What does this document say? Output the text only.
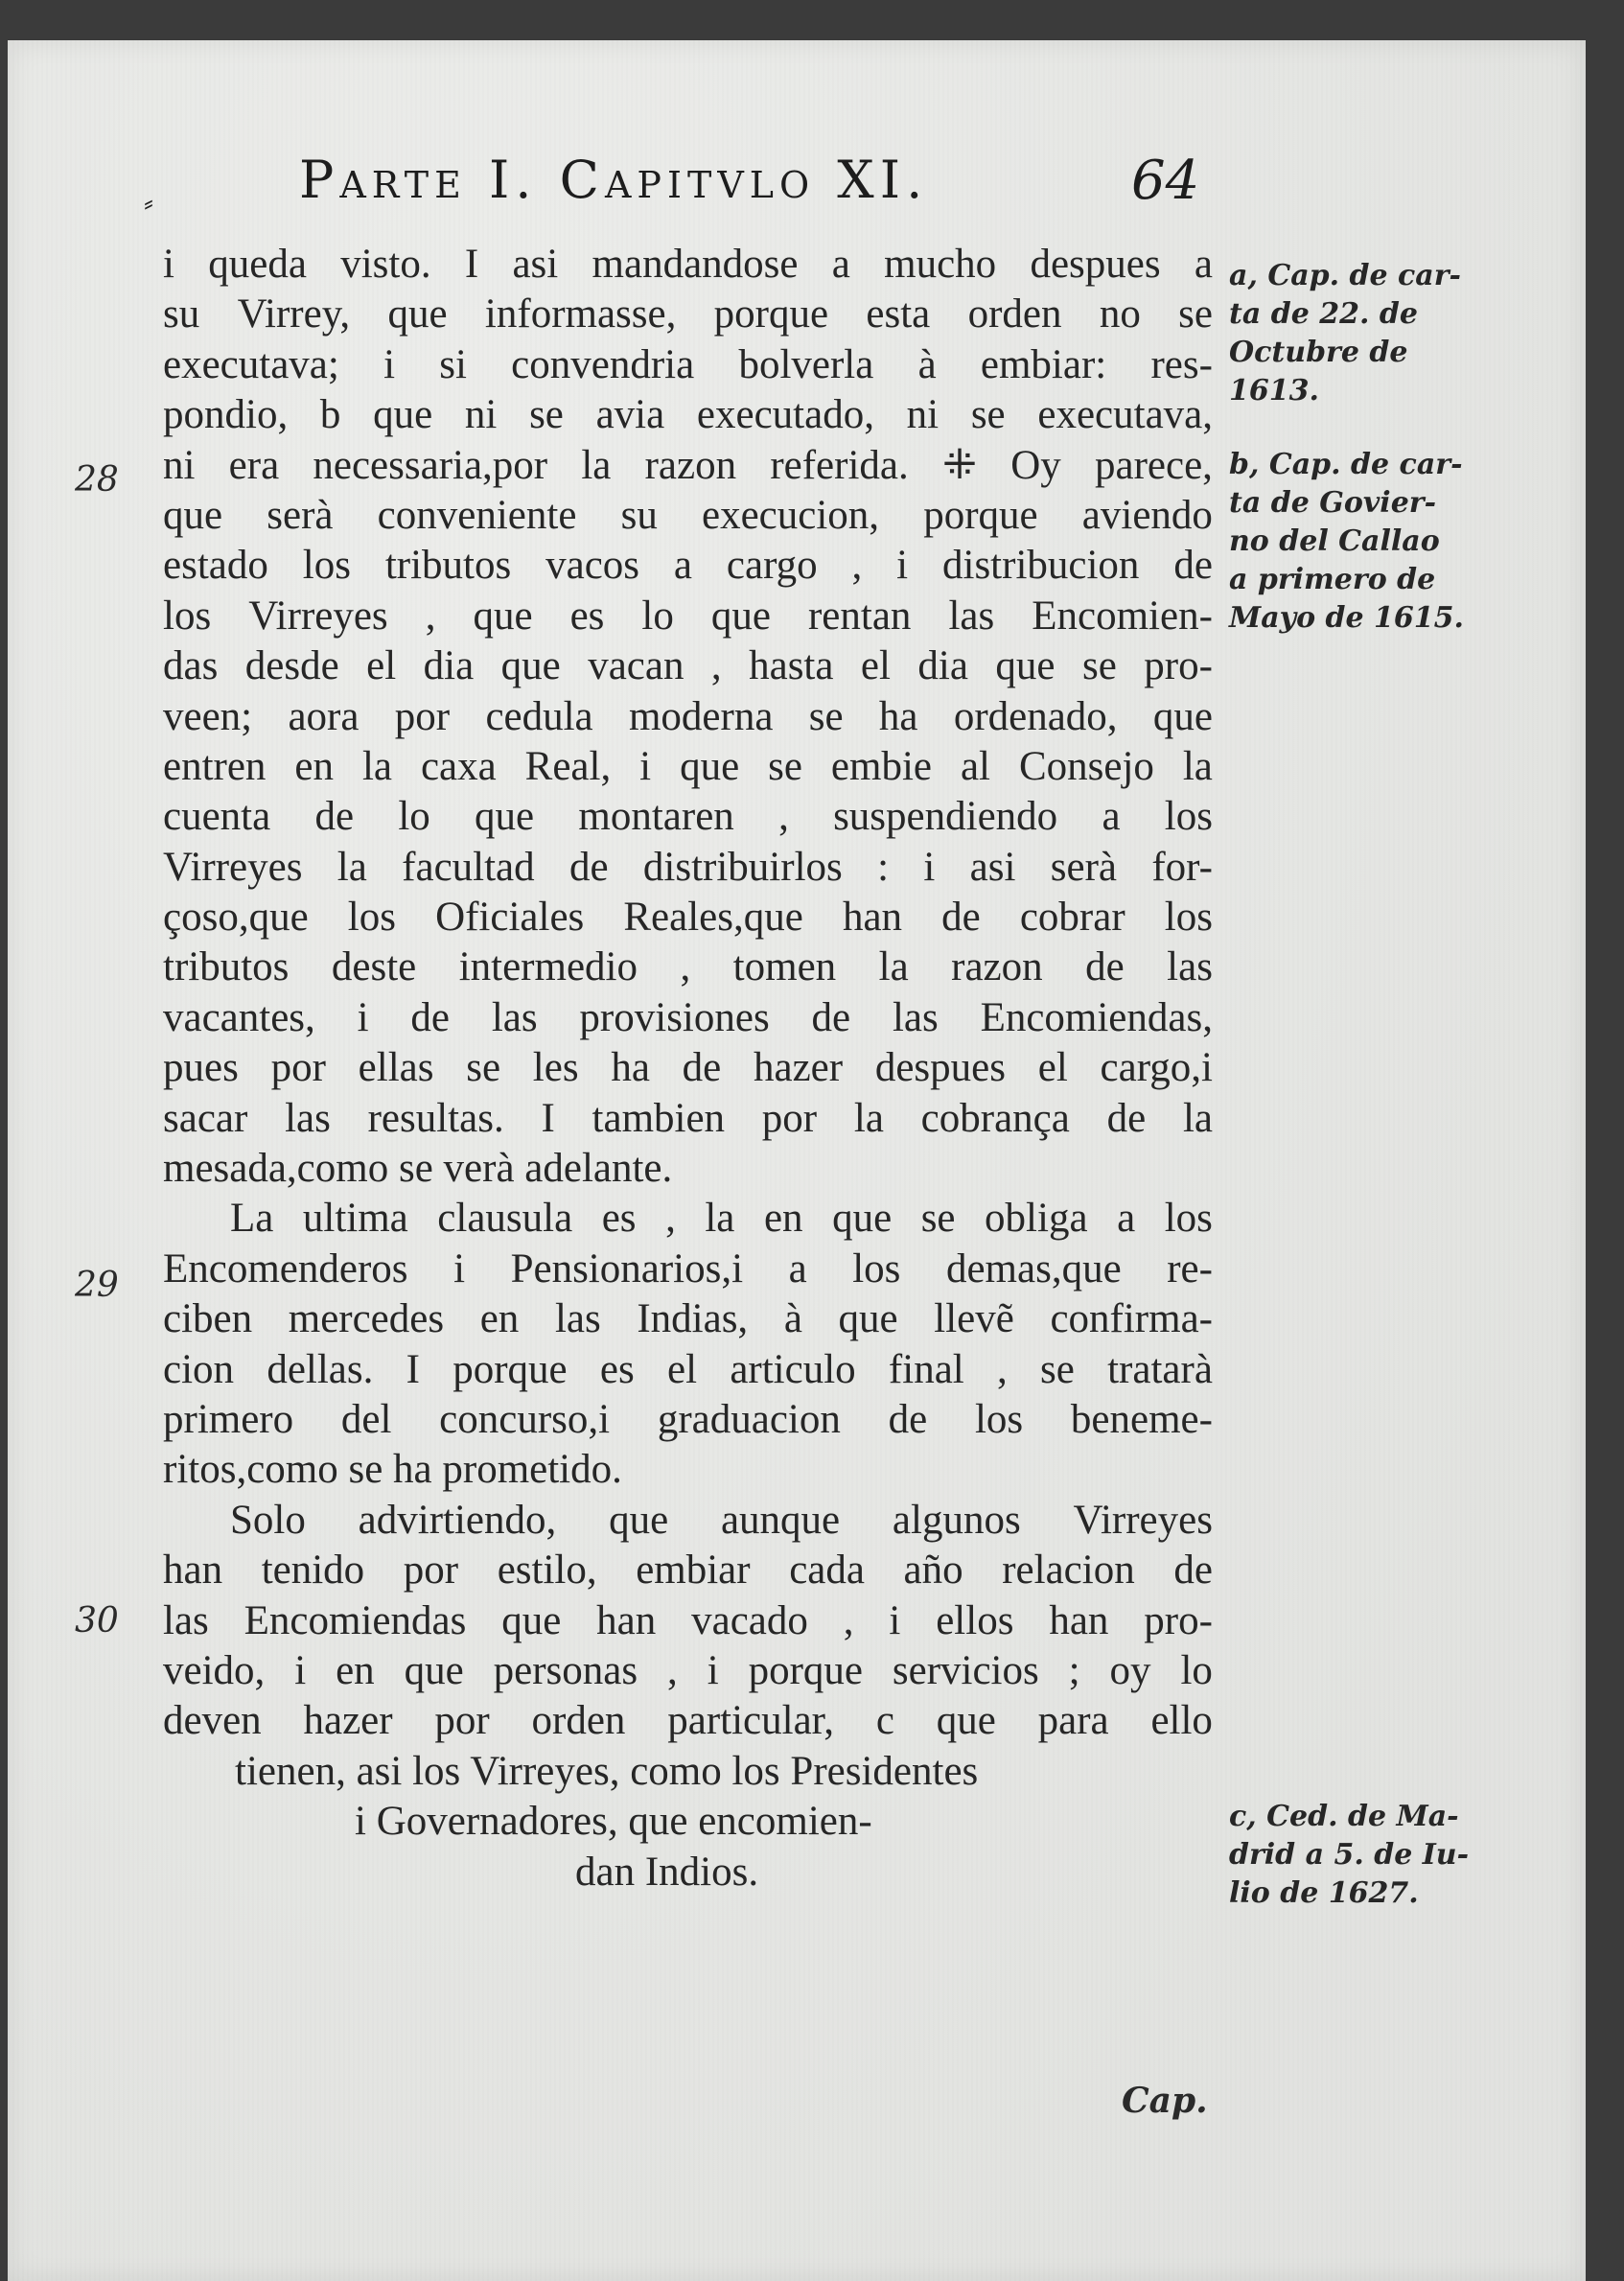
⸗	Parte I. Capitvlo XI.	64
28
29
30
i queda visto. I asi mandandose a mucho despues a
su Virrey, que informasse, porque esta orden no se
executava; i si convendria bolverla à embiar: res-
pondio, b que ni se avia executado, ni se executava,
ni era necessaria,por la razon referida. ⁜ Oy parece,
que serà conveniente su execucion, porque aviendo
estado los tributos vacos a cargo , i distribucion de
los Virreyes , que es lo que rentan las Encomien-
das desde el dia que vacan , hasta el dia que se pro-
veen; aora por cedula moderna se ha ordenado, que
entren en la caxa Real, i que se embie al Consejo la
cuenta de lo que montaren , suspendiendo a los
Virreyes la facultad de distribuirlos : i asi serà for-
çoso,que los Oficiales Reales,que han de cobrar los
tributos deste intermedio , tomen la razon de las
vacantes, i de las provisiones de las Encomiendas,
pues por ellas se les ha de hazer despues el cargo,i
sacar las resultas. I tambien por la cobrança de la
mesada,como se verà adelante.
La ultima clausula es , la en que se obliga a los
Encomenderos i Pensionarios,i a los demas,que re-
ciben mercedes en las Indias, à que llevẽ confirma-
cion dellas. I porque es el articulo final , se tratarà
primero del concurso,i graduacion de los beneme-
ritos,como se ha prometido.
Solo advirtiendo, que aunque algunos Virreyes
han tenido por estilo, embiar cada año relacion de
las Encomiendas que han vacado , i ellos han pro-
veido, i en que personas , i porque servicios ; oy lo
deven hazer por orden particular, c que para ello
tienen, asi los Virreyes, como los Presidentes
i Governadores, que encomien-
dan Indios.
a, Cap. de car-
ta de 22. de
Octubre de
1613.
b, Cap. de car-
ta de Govier-
no del Callao
a primero de
Mayo de 1615.
c, Ced. de Ma-
drid a 5. de Iu-
lio de 1627.
Cap.
